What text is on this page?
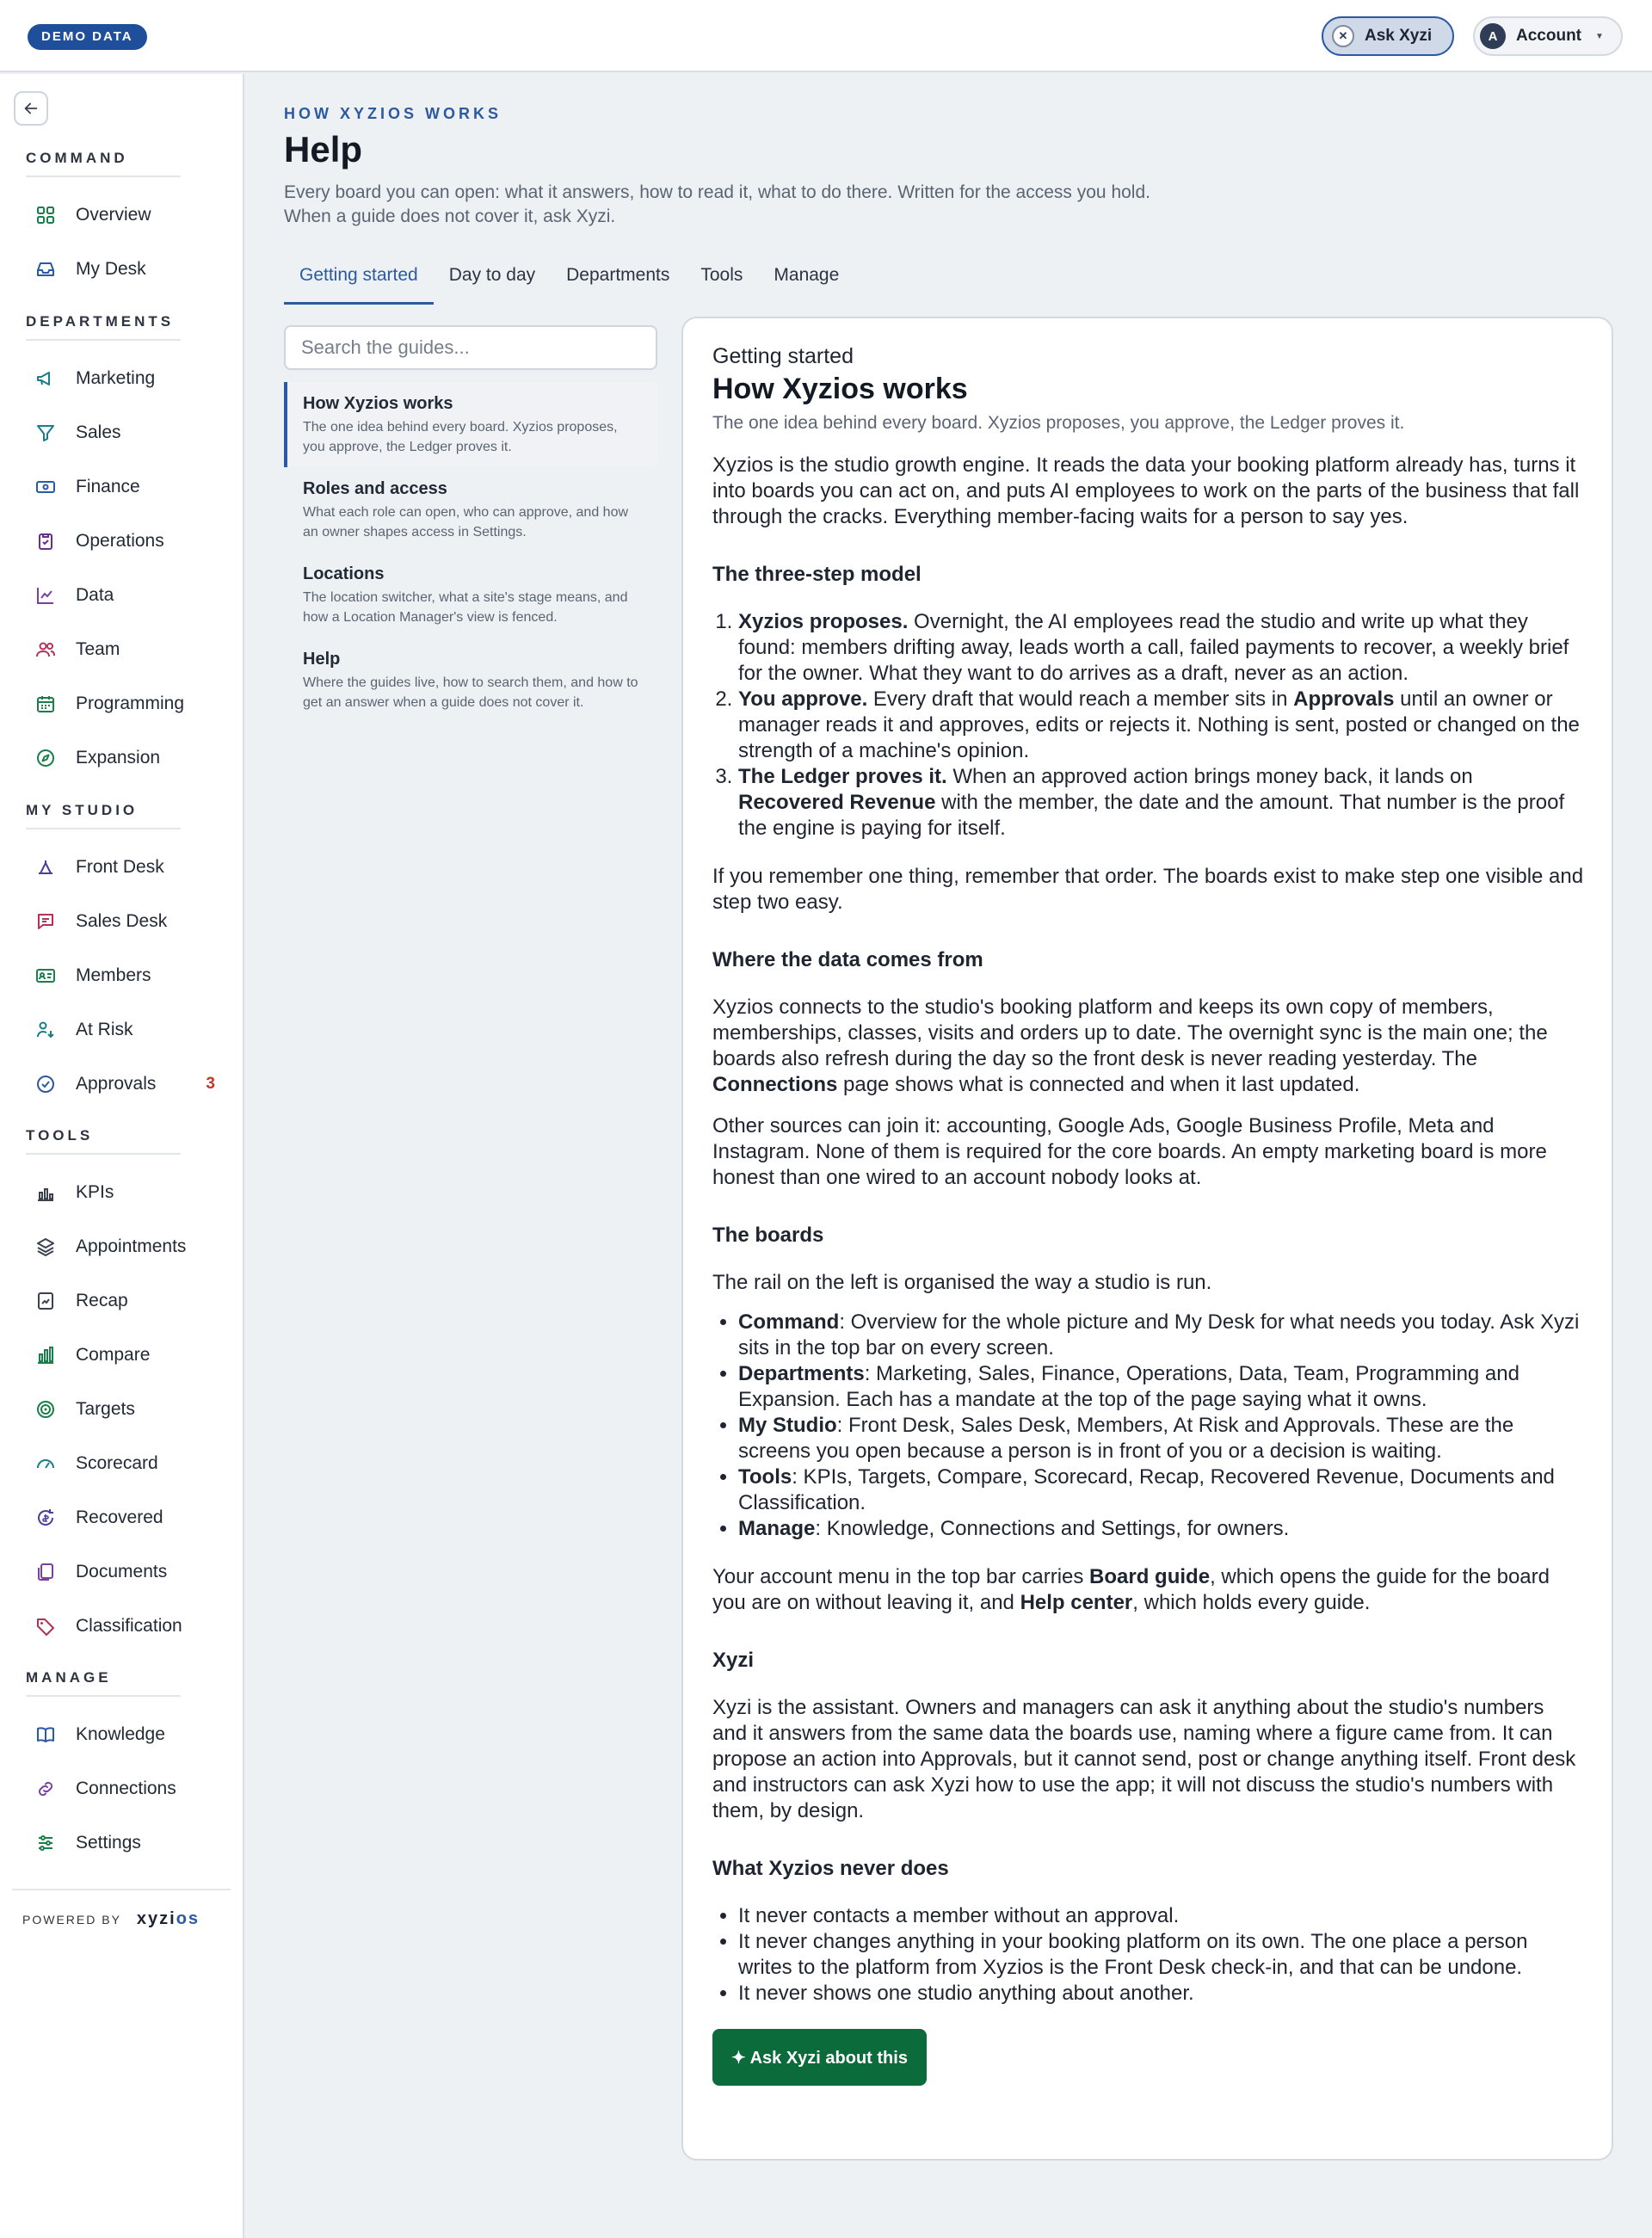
DEMO DATA	✕	Ask Xyzi	A	Account ▼
COMMAND
Overview
My Desk
DEPARTMENTS
Marketing
Sales
Finance
Operations
Data
Team
Programming
Expansion
MY STUDIO
Front Desk
Sales Desk
Members
At Risk
Approvals	3
TOOLS
KPIs
Appointments
Recap
Compare
Targets
Scorecard
Recovered
Documents
Classification
MANAGE
Knowledge
Connections
Settings
POWERED BY xyzios
HOW XYZIOS WORKS
Help
Every board you can open: what it answers, how to read it, what to do there. Written for the access you hold. When a guide does not cover it, ask Xyzi.
Getting started	Day to day	Departments	Tools	Manage
Search the guides...
How Xyzios works
The one idea behind every board. Xyzios proposes, you approve, the Ledger proves it.
Roles and access
What each role can open, who can approve, and how an owner shapes access in Settings.
Locations
The location switcher, what a site's stage means, and how a Location Manager's view is fenced.
Help
Where the guides live, how to search them, and how to get an answer when a guide does not cover it.
Getting started
How Xyzios works
The one idea behind every board. Xyzios proposes, you approve, the Ledger proves it.

Xyzios is the studio growth engine. It reads the data your booking platform already has, turns it into boards you can act on, and puts AI employees to work on the parts of the business that fall through the cracks. Everything member-facing waits for a person to say yes.

The three-step model
1. Xyzios proposes. Overnight, the AI employees read the studio and write up what they found: members drifting away, leads worth a call, failed payments to recover, a weekly brief for the owner. What they want to do arrives as a draft, never as an action.
2. You approve. Every draft that would reach a member sits in Approvals until an owner or manager reads it and approves, edits or rejects it. Nothing is sent, posted or changed on the strength of a machine's opinion.
3. The Ledger proves it. When an approved action brings money back, it lands on Recovered Revenue with the member, the date and the amount. That number is the proof the engine is paying for itself.

If you remember one thing, remember that order. The boards exist to make step one visible and step two easy.

Where the data comes from

Xyzios connects to the studio's booking platform and keeps its own copy of members, memberships, classes, visits and orders up to date. The overnight sync is the main one; the boards also refresh during the day so the front desk is never reading yesterday. The Connections page shows what is connected and when it last updated.

Other sources can join it: accounting, Google Ads, Google Business Profile, Meta and Instagram. None of them is required for the core boards. An empty marketing board is more honest than one wired to an account nobody looks at.

The boards

The rail on the left is organised the way a studio is run.

• Command: Overview for the whole picture and My Desk for what needs you today. Ask Xyzi sits in the top bar on every screen.
• Departments: Marketing, Sales, Finance, Operations, Data, Team, Programming and Expansion. Each has a mandate at the top of the page saying what it owns.
• My Studio: Front Desk, Sales Desk, Members, At Risk and Approvals. These are the screens you open because a person is in front of you or a decision is waiting.
• Tools: KPIs, Targets, Compare, Scorecard, Recap, Recovered Revenue, Documents and Classification.
• Manage: Knowledge, Connections and Settings, for owners.

Your account menu in the top bar carries Board guide, which opens the guide for the board you are on without leaving it, and Help center, which holds every guide.

Xyzi

Xyzi is the assistant. Owners and managers can ask it anything about the studio's numbers and it answers from the same data the boards use, naming where a figure came from. It can propose an action into Approvals, but it cannot send, post or change anything itself. Front desk and instructors can ask Xyzi how to use the app; it will not discuss the studio's numbers with them, by design.

What Xyzios never does
• It never contacts a member without an approval.
• It never changes anything in your booking platform on its own. The one place a person writes to the platform from Xyzios is the Front Desk check-in, and that can be undone.
• It never shows one studio anything about another.
✦ Ask Xyzi about this
